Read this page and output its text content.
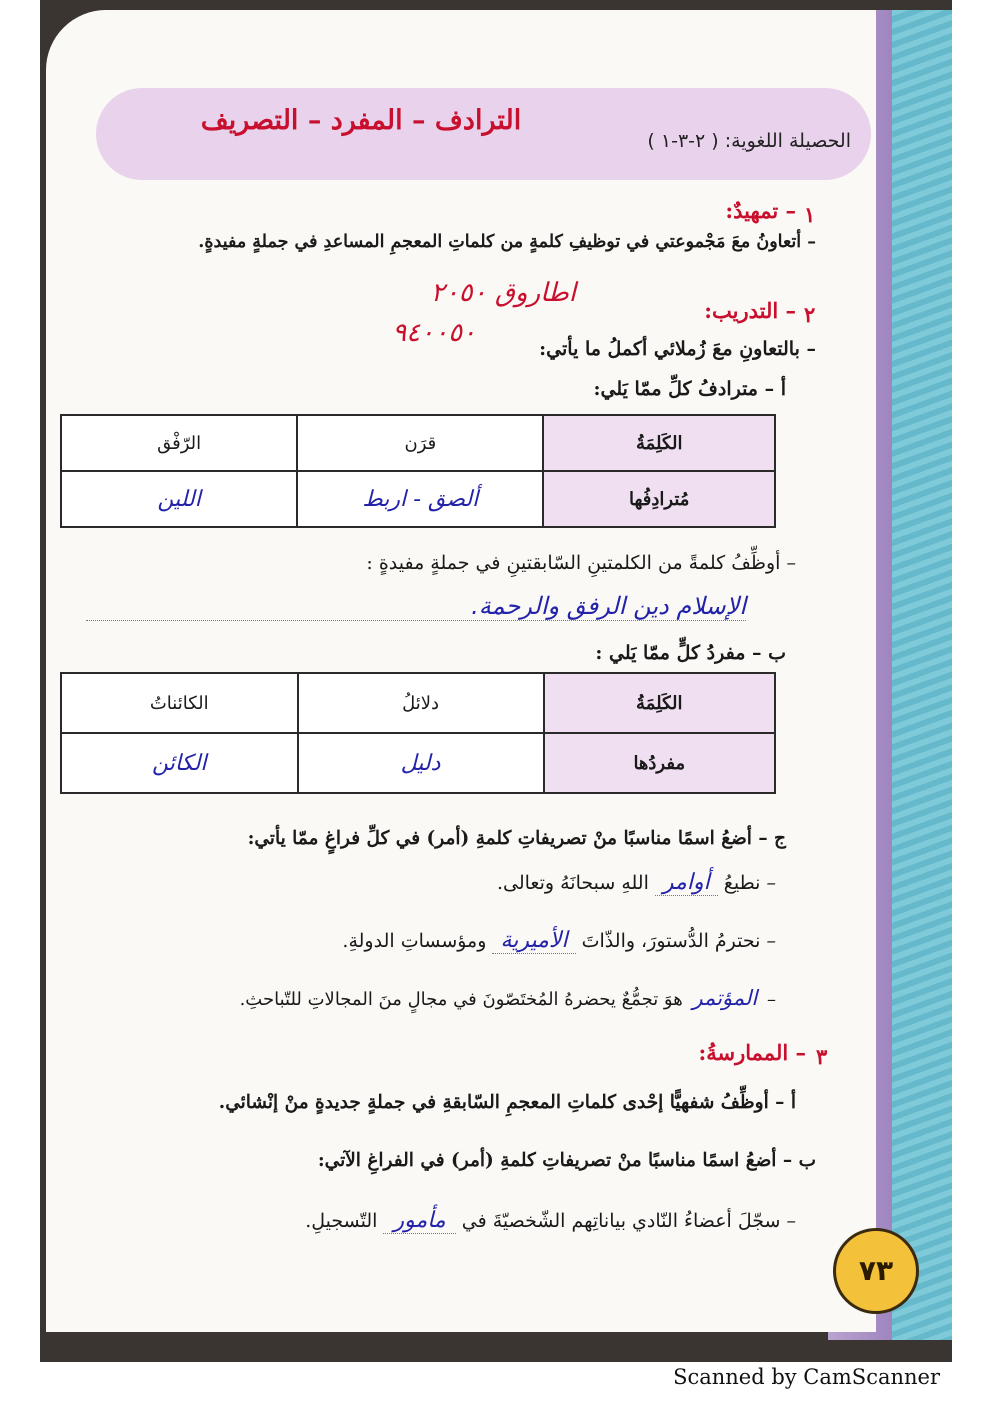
الترادف – المفرد – التصريف
الحصيلة اللغوية: ( ٢-٣-١ )
١
– تمهيدٌ:
– أتعاونُ معَ مَجْموعتي في توظيفِ كلمةٍ من كلماتِ المعجمِ المساعدِ في جملةٍ مفيدةٍ.
اطاروق ٢٠٥٠
٩٤٠٠٥٠
٢
– التدريب:
– بالتعاونِ معَ زُملائي أكملُ ما يأتي:
أ – مترادفُ كلِّ ممّا يَلي:
الكَلِمَةُ	قرَن	الرّفْق
مُترادِفُها	ألصق - اربط	اللين
– أوظِّفُ كلمةً من الكلمتينِ السّابقتينِ في جملةٍ مفيدةٍ :
الإسلام دين الرفق والرحمة.
ب – مفردُ كلٍّ ممّا يَلي :
الكَلِمَةُ	دلائلُ	الكائناتُ
مفردُها	دليل	الكائن
ج – أضعُ اسمًا مناسبًا منْ تصريفاتِ كلمةِ (أمر) في كلِّ فراغٍ ممّا يأتي:
– نطيعُ أوامر اللهِ سبحانَهُ وتعالى.
– نحترمُ الدُّستورَ، والذّاتَ الأميرية ومؤسساتِ الدولةِ.
– المؤتمر هوَ تجمُّعٌ يحضرهُ المُختَصّونَ في مجالٍ منَ المجالاتِ للتّباحثِ.
٣
– الممارسةُ:
أ – أوظِّفُ شفهيًّا إحْدى كلماتِ المعجمِ السّابقةِ في جملةٍ جديدةٍ منْ إنْشائي.
ب – أضعُ اسمًا مناسبًا منْ تصريفاتِ كلمةِ (أمر) في الفراغِ الآتي:
– سجّلَ أعضاءُ النّادي بياناتِهم الشّخصيّةَ في مأمور التّسجيلِ.
٧٣
Scanned by CamScanner
